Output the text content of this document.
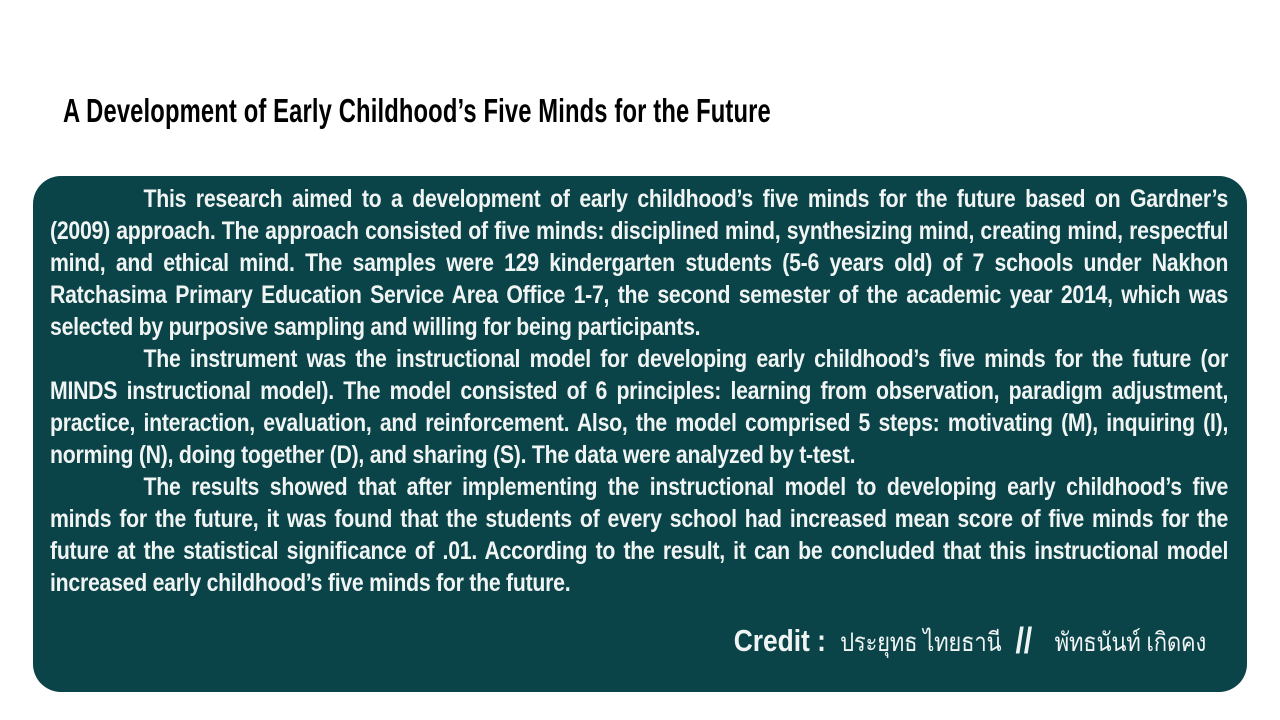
A Development of Early Childhood’s Five Minds for the Future

This research aimed to a development of early childhood’s five minds for the future based on Gardner’s (2009) approach. The approach consisted of five minds: disciplined mind, synthesizing mind, creating mind, respectful mind, and ethical mind. The samples were 129 kindergarten students (5-6 years old) of 7 schools under Nakhon Ratchasima Primary Education Service Area Office 1-7, the second semester of the academic year 2014, which was selected by purposive sampling and willing for being participants.

The instrument was the instructional model for developing early childhood’s five minds for the future (or MINDS instructional model). The model consisted of 6 principles: learning from observation, paradigm adjustment, practice, interaction, evaluation, and reinforcement. Also, the model comprised 5 steps: motivating (M), inquiring (I), norming (N), doing together (D), and sharing (S). The data were analyzed by t-test.

The results showed that after implementing the instructional model to developing early childhood’s five minds for the future, it was found that the students of every school had increased mean score of five minds for the future at the statistical significance of .01. According to the result, it can be concluded that this instructional model increased early childhood’s five minds for the future.

Credit : ประยุทธ ไทยธานี // พัทธนันท์ เกิดคง
